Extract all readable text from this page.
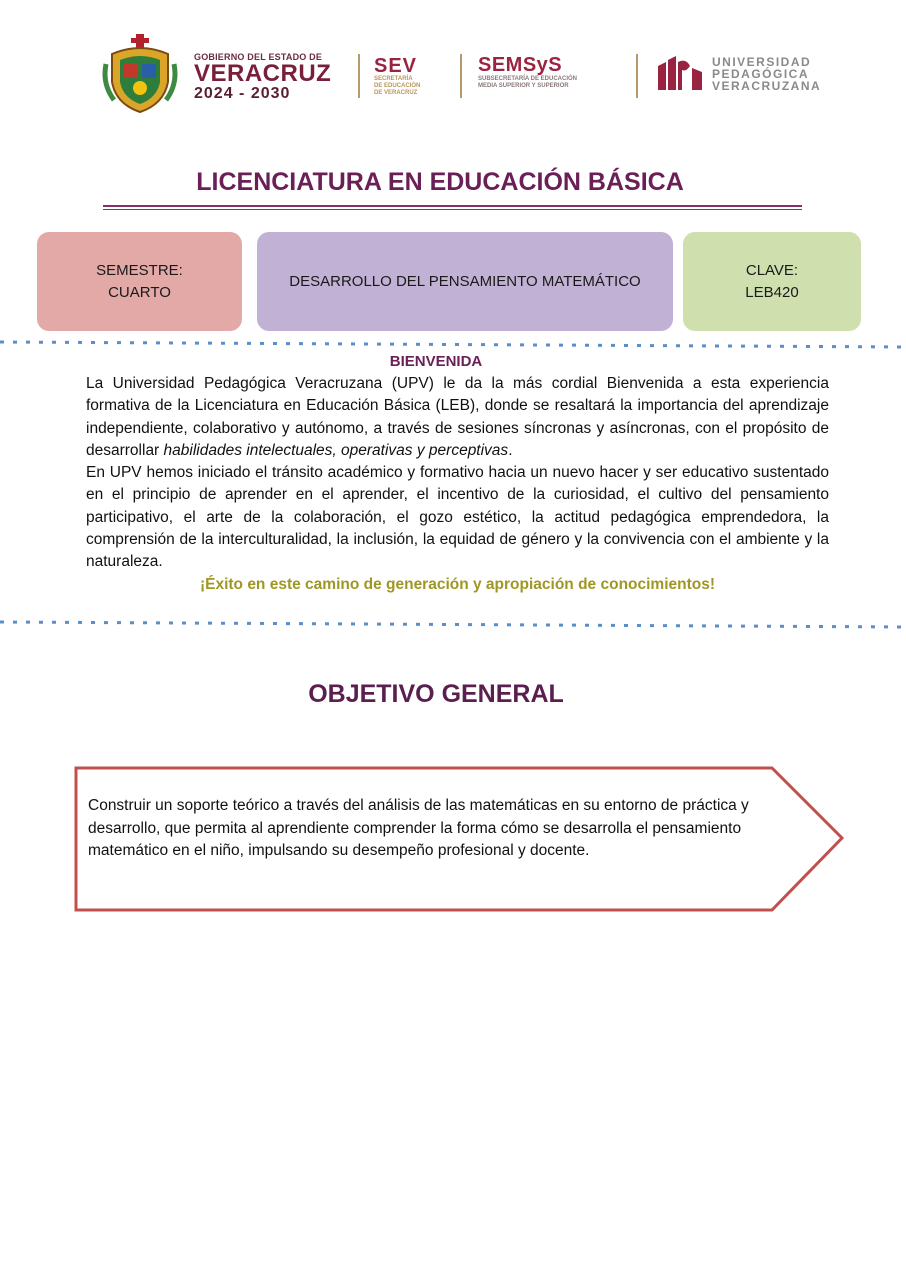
GOBIERNO DEL ESTADO DE
VERACRUZ
2024 - 2030
SEV
SECRETARÍA
DE EDUCACIÓN
DE VERACRUZ
SEMSyS
SUBSECRETARÍA DE EDUCACIÓN
MEDIA SUPERIOR Y SUPERIOR
UNIVERSIDAD
PEDAGÓGICA
VERACRUZANA
LICENCIATURA EN EDUCACIÓN BÁSICA
SEMESTRE:
CUARTO
DESARROLLO DEL PENSAMIENTO MATEMÁTICO
CLAVE:
LEB420
BIENVENIDA

La Universidad Pedagógica Veracruzana (UPV) le da la más cordial Bienvenida a esta experiencia formativa de la Licenciatura en Educación Básica (LEB), donde se resaltará la importancia del aprendizaje independiente, colaborativo y autónomo, a través de sesiones síncronas y asíncronas, con el propósito de desarrollar habilidades intelectuales, operativas y perceptivas.

En UPV hemos iniciado el tránsito académico y formativo hacia un nuevo hacer y ser educativo sustentado en el principio de aprender en el aprender, el incentivo de la curiosidad, el cultivo del pensamiento participativo, el arte de la colaboración, el gozo estético, la actitud pedagógica emprendedora, la comprensión de la interculturalidad, la inclusión, la equidad de género y la convivencia con el ambiente y la naturaleza.

¡Éxito en este camino de generación y apropiación de conocimientos!
OBJETIVO GENERAL

Construir un soporte teórico a través del análisis de las matemáticas en su entorno de práctica y desarrollo, que permita al aprendiente comprender la forma cómo se desarrolla el pensamiento matemático en el niño, impulsando su desempeño profesional y docente.
